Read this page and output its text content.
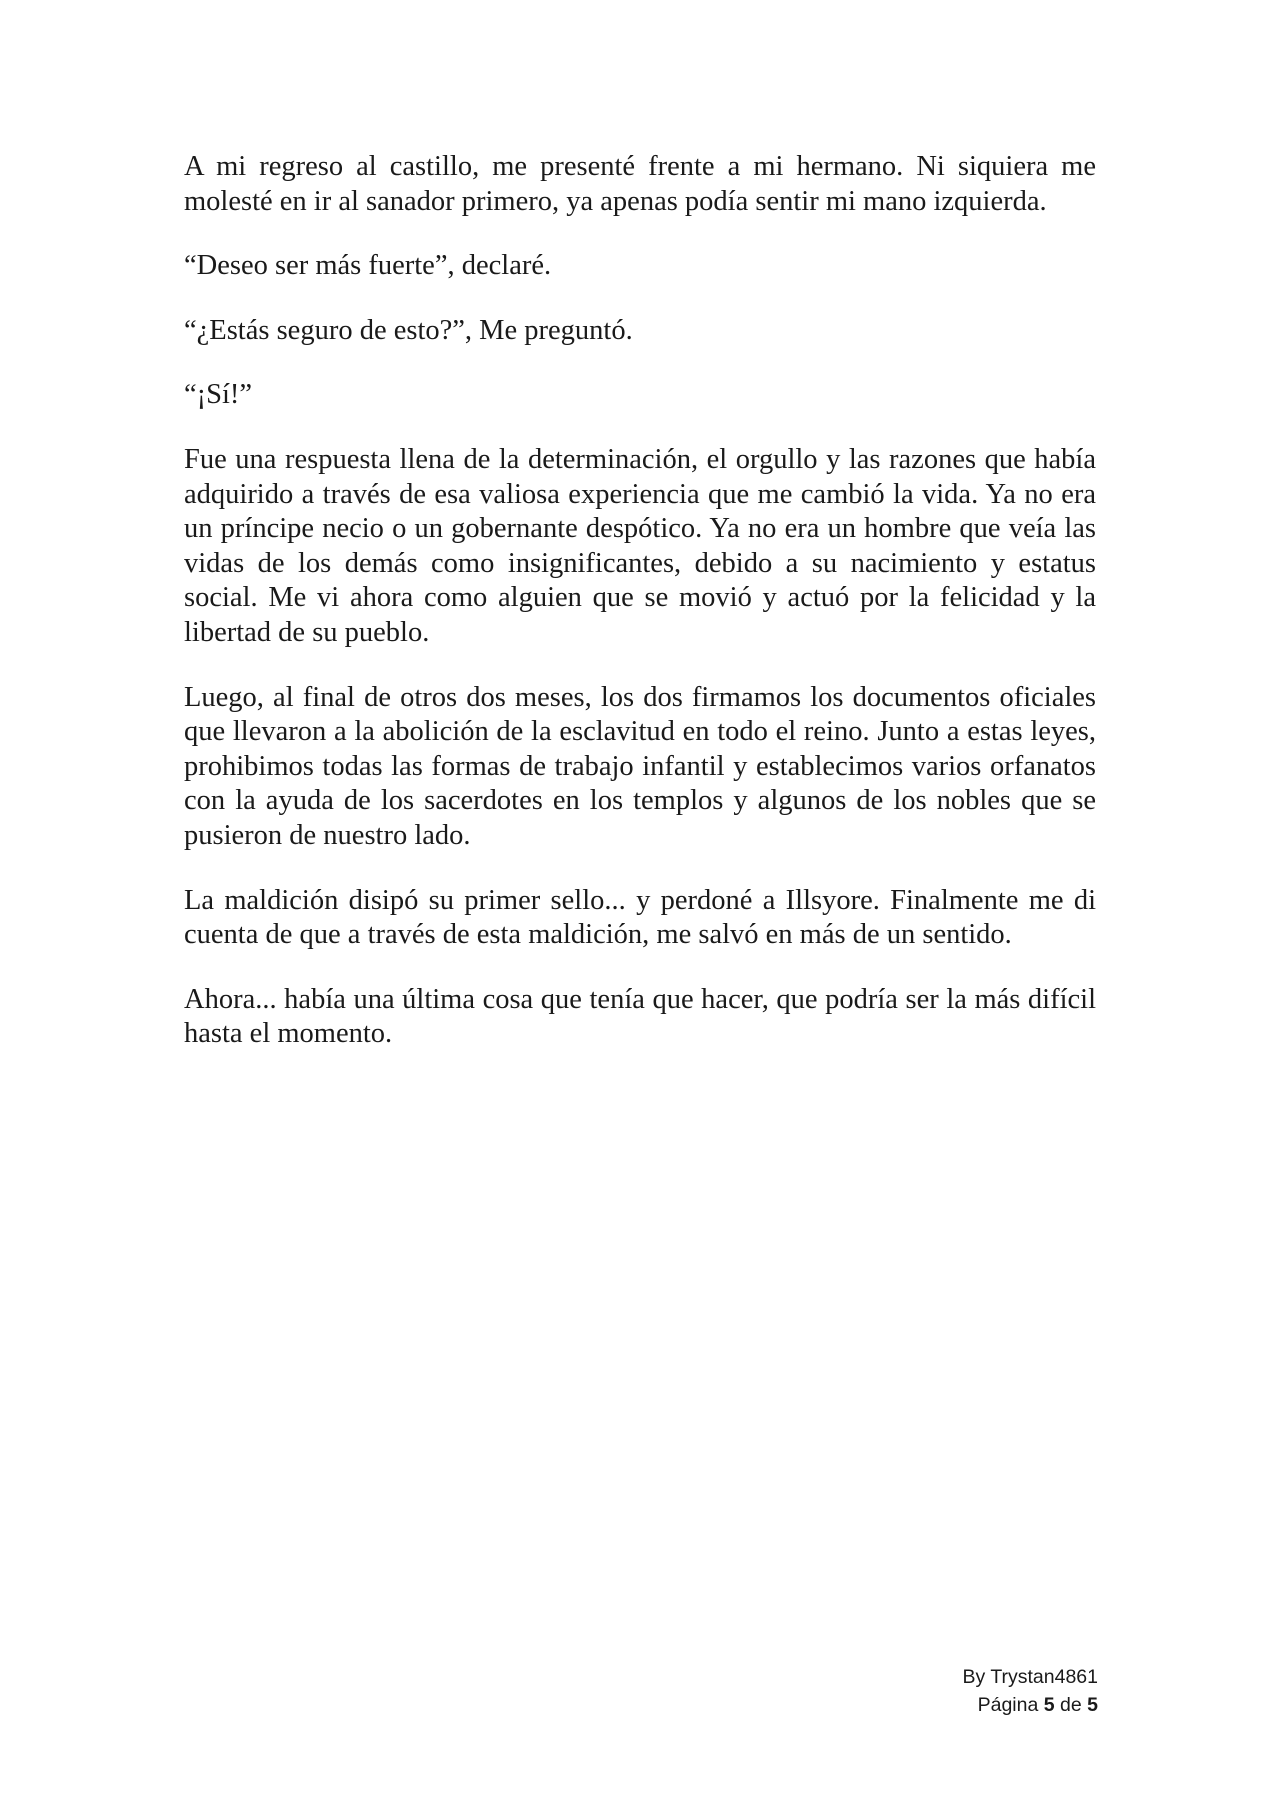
A mi regreso al castillo, me presenté frente a mi hermano. Ni siquiera me molesté en ir al sanador primero, ya apenas podía sentir mi mano izquierda.

“Deseo ser más fuerte”, declaré.

“¿Estás seguro de esto?”, Me preguntó.

“¡Sí!”

Fue una respuesta llena de la determinación, el orgullo y las razones que había adquirido a través de esa valiosa experiencia que me cambió la vida. Ya no era un príncipe necio o un gobernante despótico. Ya no era un hombre que veía las vidas de los demás como insignificantes, debido a su nacimiento y estatus social. Me vi ahora como alguien que se movió y actuó por la felicidad y la libertad de su pueblo.

Luego, al final de otros dos meses, los dos firmamos los documentos oficiales que llevaron a la abolición de la esclavitud en todo el reino. Junto a estas leyes, prohibimos todas las formas de trabajo infantil y establecimos varios orfanatos con la ayuda de los sacerdotes en los templos y algunos de los nobles que se pusieron de nuestro lado.

La maldición disipó su primer sello... y perdoné a Illsyore. Finalmente me di cuenta de que a través de esta maldición, me salvó en más de un sentido.

Ahora... había una última cosa que tenía que hacer, que podría ser la más difícil hasta el momento.

By Trystan4861
Página 5 de 5
